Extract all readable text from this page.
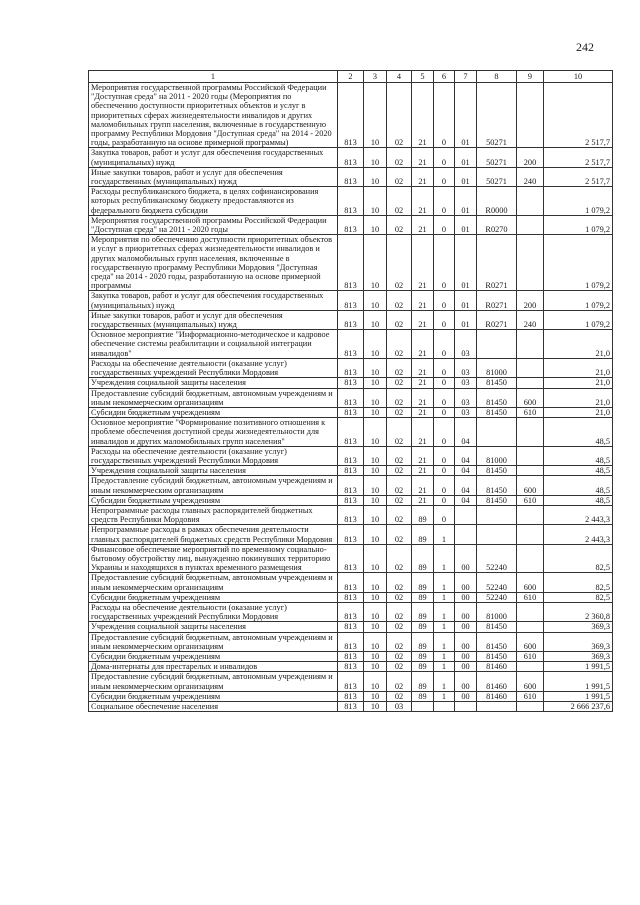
242
1	2	3	4	5	6	7	8	9	10
Мероприятия государственной программы Российской Федерации "Доступная среда" на 2011 - 2020 годы (Мероприятия по обеспечению доступности приоритетных объектов и услуг в приоритетных сферах жизнедеятельности инвалидов и других маломобильных групп населения, включенные в государственную программу Республики Мордовия "Доступная среда" на 2014 - 2020 годы, разработанную на основе примерной программы)	813	10	02	21	0	01	50271		2 517,7
Закупка товаров, работ и услуг для обеспечения государственных (муниципальных) нужд	813	10	02	21	0	01	50271	200	2 517,7
Иные закупки товаров, работ и услуг для обеспечения государственных (муниципальных) нужд	813	10	02	21	0	01	50271	240	2 517,7
Расходы республиканского бюджета, в целях софинансирования которых республиканскому бюджету предоставляются из федерального бюджета субсидии	813	10	02	21	0	01	R0000		1 079,2
Мероприятия государственной программы Российской Федерации "Доступная среда" на 2011 - 2020 годы	813	10	02	21	0	01	R0270		1 079,2
Мероприятия по обеспечению доступности приоритетных объектов и услуг в приоритетных сферах жизнедеятельности инвалидов и других маломобильных групп населения, включенные в государственную программу Республики Мордовия "Доступная среда" на 2014 - 2020 годы, разработанную на основе примерной программы	813	10	02	21	0	01	R0271		1 079,2
Закупка товаров, работ и услуг для обеспечения государственных (муниципальных) нужд	813	10	02	21	0	01	R0271	200	1 079,2
Иные закупки товаров, работ и услуг для обеспечения государственных (муниципальных) нужд	813	10	02	21	0	01	R0271	240	1 079,2
Основное мероприятие "Информационно-методическое и кадровое обеспечение системы реабилитации и социальной интеграции инвалидов"	813	10	02	21	0	03			21,0
Расходы на обеспечение деятельности (оказание услуг) государственных учреждений Республики Мордовия	813	10	02	21	0	03	81000		21,0
Учреждения социальной защиты населения	813	10	02	21	0	03	81450		21,0
Предоставление субсидий бюджетным, автономным учреждениям и иным некоммерческим организациям	813	10	02	21	0	03	81450	600	21,0
Субсидии бюджетным учреждениям	813	10	02	21	0	03	81450	610	21,0
Основное мероприятие "Формирование позитивного отношения к проблеме обеспечения доступной среды жизнедеятельности для инвалидов и других маломобильных групп населения"	813	10	02	21	0	04			48,5
Расходы на обеспечение деятельности (оказание услуг) государственных учреждений Республики Мордовия	813	10	02	21	0	04	81000		48,5
Учреждения социальной защиты населения	813	10	02	21	0	04	81450		48,5
Предоставление субсидий бюджетным, автономным учреждениям и иным некоммерческим организациям	813	10	02	21	0	04	81450	600	48,5
Субсидии бюджетным учреждениям	813	10	02	21	0	04	81450	610	48,5
Непрограммные расходы главных распорядителей бюджетных средств Республики Мордовия	813	10	02	89	0				2 443,3
Непрограммные расходы в рамках обеспечения деятельности главных распорядителей бюджетных средств Республики Мордовия	813	10	02	89	1				2 443,3
Финансовое обеспечение мероприятий по временному социально-бытовому обустройству лиц, вынужденно покинувших территорию Украины и находящихся в пунктах временного размещения	813	10	02	89	1	00	52240		82,5
Предоставление субсидий бюджетным, автономным учреждениям и иным некоммерческим организациям	813	10	02	89	1	00	52240	600	82,5
Субсидии бюджетным учреждениям	813	10	02	89	1	00	52240	610	82,5
Расходы на обеспечение деятельности (оказание услуг) государственных учреждений Республики Мордовия	813	10	02	89	1	00	81000		2 360,8
Учреждения социальной защиты населения	813	10	02	89	1	00	81450		369,3
Предоставление субсидий бюджетным, автономным учреждениям и иным некоммерческим организациям	813	10	02	89	1	00	81450	600	369,3
Субсидии бюджетным учреждениям	813	10	02	89	1	00	81450	610	369,3
Дома-интернаты для престарелых и инвалидов	813	10	02	89	1	00	81460		1 991,5
Предоставление субсидий бюджетным, автономным учреждениям и иным некоммерческим организациям	813	10	02	89	1	00	81460	600	1 991,5
Субсидии бюджетным учреждениям	813	10	02	89	1	00	81460	610	1 991,5
Социальное обеспечение населения	813	10	03						2 666 237,6
